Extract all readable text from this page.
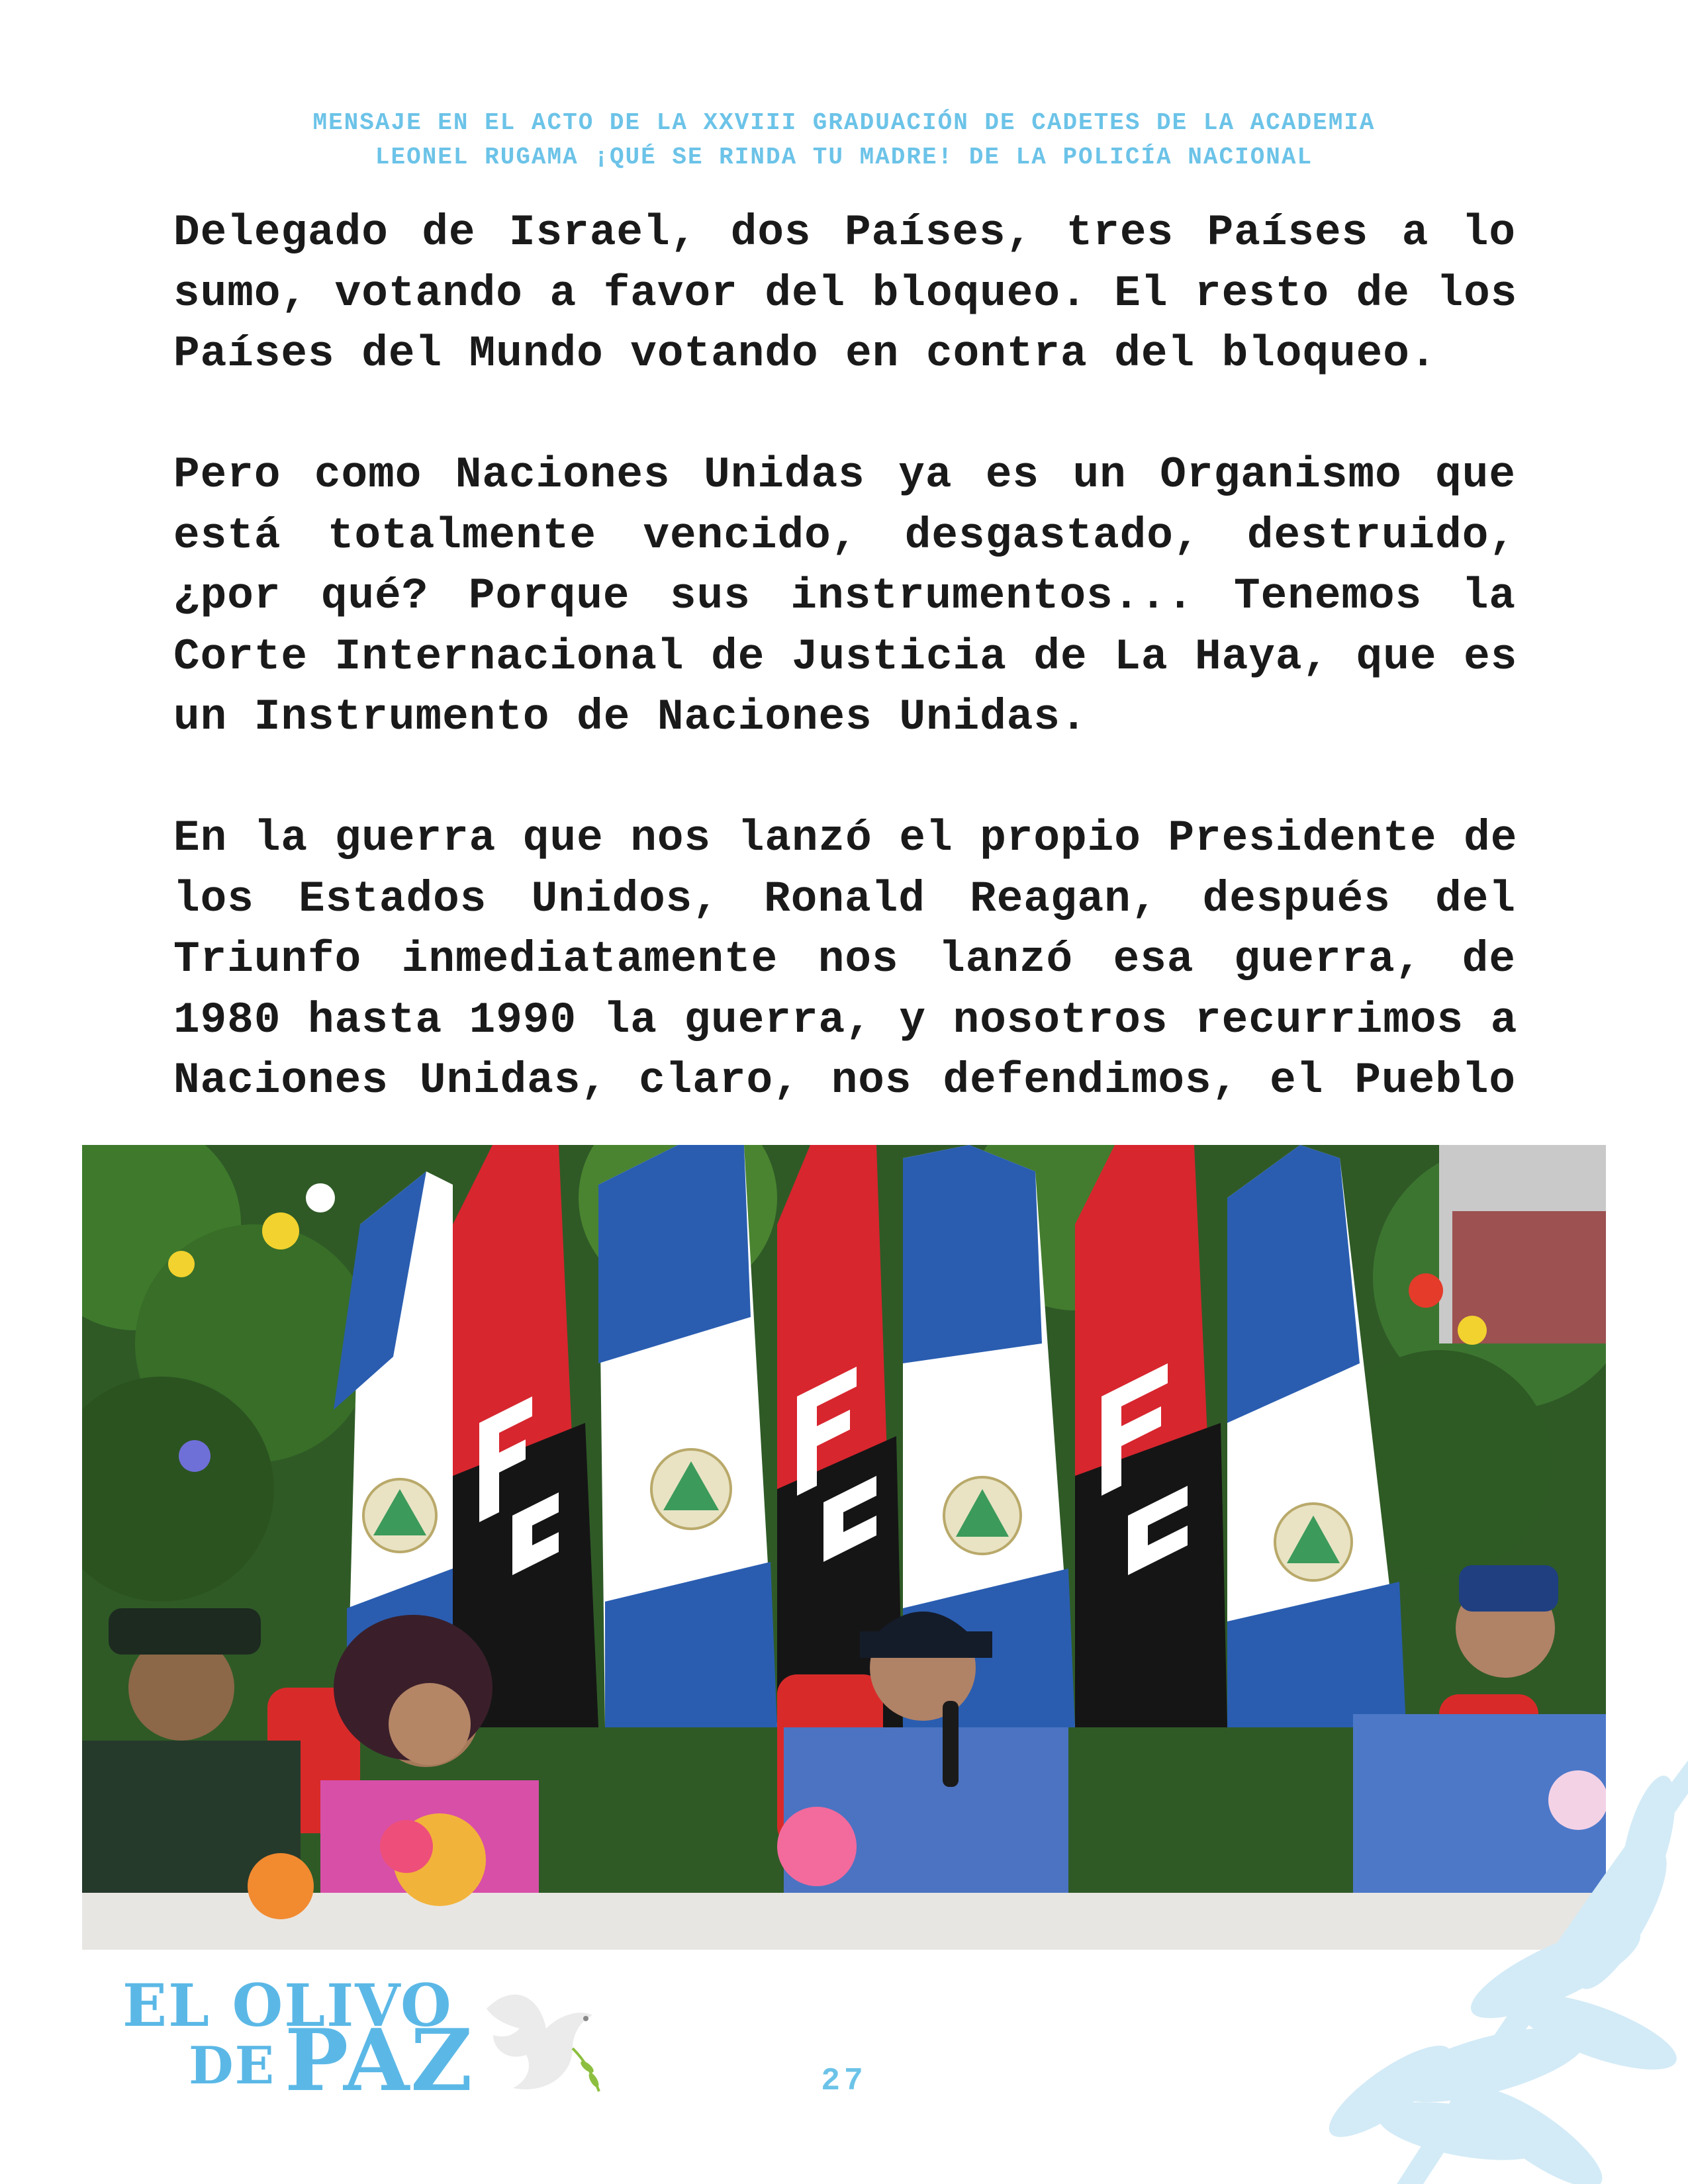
MENSAJE EN EL ACTO DE LA XXVIII GRADUACIÓN DE CADETES DE LA ACADEMIA
LEONEL RUGAMA ¡QUÉ SE RINDA TU MADRE! DE LA POLICÍA NACIONAL
Delegado de Israel, dos Países, tres Países a lo
sumo, votando a favor del bloqueo. El resto de los
Países del Mundo votando en contra del bloqueo.
Pero como Naciones Unidas ya es un Organismo que
está totalmente vencido, desgastado, destruido,
¿por qué? Porque sus instrumentos... Tenemos la
Corte Internacional de Justicia de La Haya, que es
un Instrumento de Naciones Unidas.
En la guerra que nos lanzó el propio Presidente de
los Estados Unidos, Ronald Reagan, después del
Triunfo inmediatamente nos lanzó esa guerra, de
1980 hasta 1990 la guerra, y nosotros recurrimos a
Naciones Unidas, claro, nos defendimos, el Pueblo
EL OLIVO
DE PAZ	27
